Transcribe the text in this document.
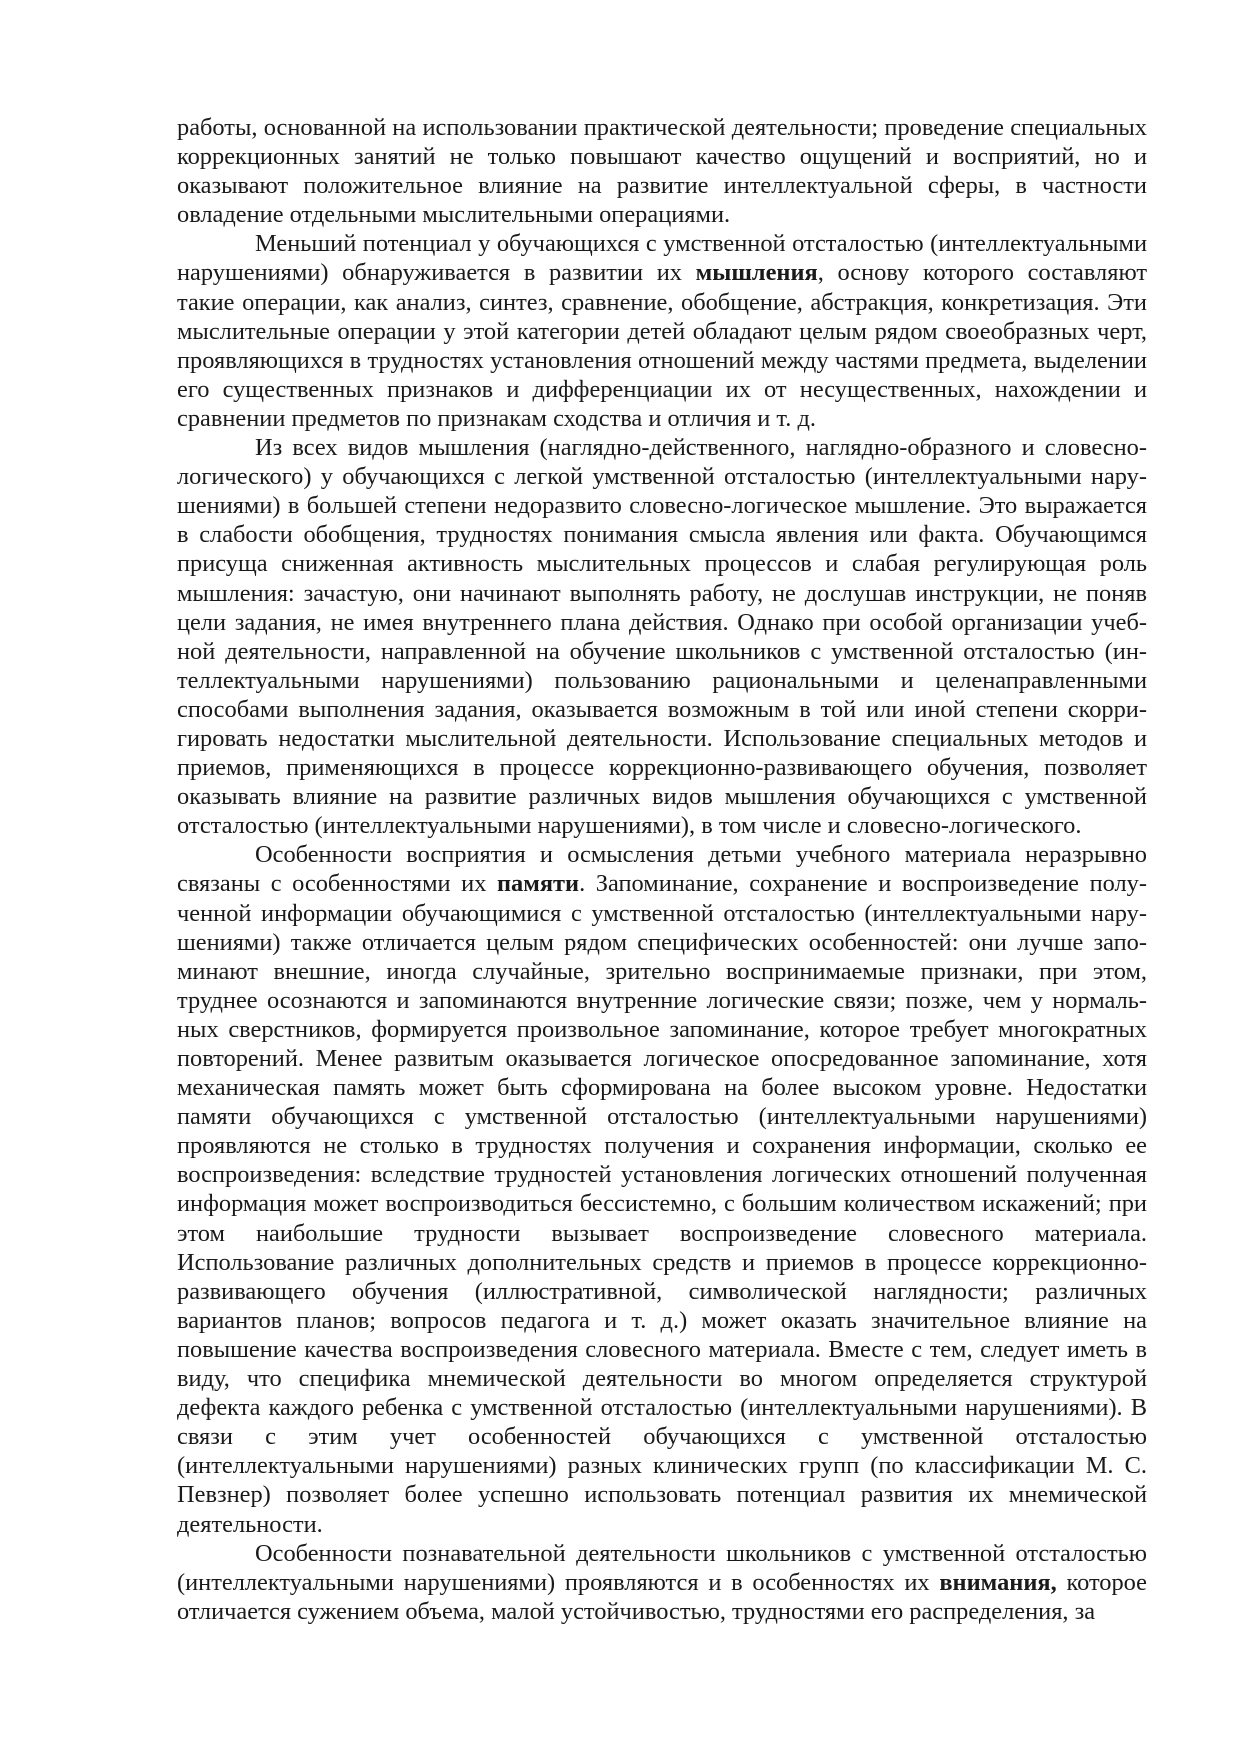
работы, основанной на использовании практической деятельности; проведение специальных коррекционных занятий не только повышают качество ощущений и восприятий, но и оказывают положительное влияние на развитие интеллектуальной сферы, в частности овладение отдельными мыслительными операциями.

Меньший потенциал у обучающихся с умственной отсталостью (интеллектуальными нарушениями) обнаруживается в развитии их мышления, основу которого составляют такие операции, как анализ, синтез, сравнение, обобщение, абстракция, конкретизация. Эти мыслительные операции у этой категории детей обладают целым рядом своеобразных черт, проявляющихся в трудностях установления отношений между частями предмета, выделении его существенных признаков и дифференциации их от несущественных, нахождении и сравнении предметов по признакам сходства и отличия и т. д.

Из всех видов мышления (наглядно-действенного, наглядно-образного и словеснологического) у обучающихся с легкой умственной отсталостью (интеллектуальными нарушениями) в большей степени недоразвито словесно-логическое мышление. Это выражается в слабости обобщения, трудностях понимания смысла явления или факта. Обучающимся присуща сниженная активность мыслительных процессов и слабая регулирующая роль мышления: зачастую, они начинают выполнять работу, не дослушав инструкции, не поняв цели задания, не имея внутреннего плана действия. Однако при особой организации учебной деятельности, направленной на обучение школьников с умственной отсталостью (интеллектуальными нарушениями) пользованию рациональными и целенаправленными способами выполнения задания, оказывается возможным в той или иной степени скорригировать недостатки мыслительной деятельности. Использование специальных методов и приемов, применяющихся в процессе коррекционно-развивающего обучения, позволяет оказывать влияние на развитие различных видов мышления обучающихся с умственной отсталостью (интеллектуальными нарушениями), в том числе и словесно-логического.

Особенности восприятия и осмысления детьми учебного материала неразрывно связаны с особенностями их памяти. Запоминание, сохранение и воспроизведение полученной информации обучающимися с умственной отсталостью (интеллектуальными нарушениями) также отличается целым рядом специфических особенностей: они лучше запоминают внешние, иногда случайные, зрительно воспринимаемые признаки, при этом, труднее осознаются и запоминаются внутренние логические связи; позже, чем у нормальных сверстников, формируется произвольное запоминание, которое требует многократных повторений. Менее развитым оказывается логическое опосредованное запоминание, хотя механическая память может быть сформирована на более высоком уровне. Недостатки памяти обучающихся с умственной отсталостью (интеллектуальными нарушениями) проявляются не столько в трудностях получения и сохранения информации, сколько ее воспроизведения: вследствие трудностей установления логических отношений полученная информация может воспроизводиться бессистемно, с большим количеством искажений; при этом наибольшие трудности вызывает воспроизведение словесного материала. Использование различных дополнительных средств и приемов в процессе коррекционно-развивающего обучения (иллюстративной, символической наглядности; различных вариантов планов; вопросов педагога и т. д.) может оказать значительное влияние на повышение качества воспроизведения словесного материала. Вместе с тем, следует иметь в виду, что специфика мнемической деятельности во многом определяется структурой дефекта каждого ребенка с умственной отсталостью (интеллектуальными нарушениями). В связи с этим учет особенностей обучающихся с умственной отсталостью (интеллектуальными нарушениями) разных клинических групп (по классификации М. С. Певзнер) позволяет более успешно использовать потенциал развития их мнемической деятельности.

Особенности познавательной деятельности школьников с умственной отсталостью (интеллектуальными нарушениями) проявляются и в особенностях их внимания, которое отличается сужением объема, малой устойчивостью, трудностями его распределения, за
